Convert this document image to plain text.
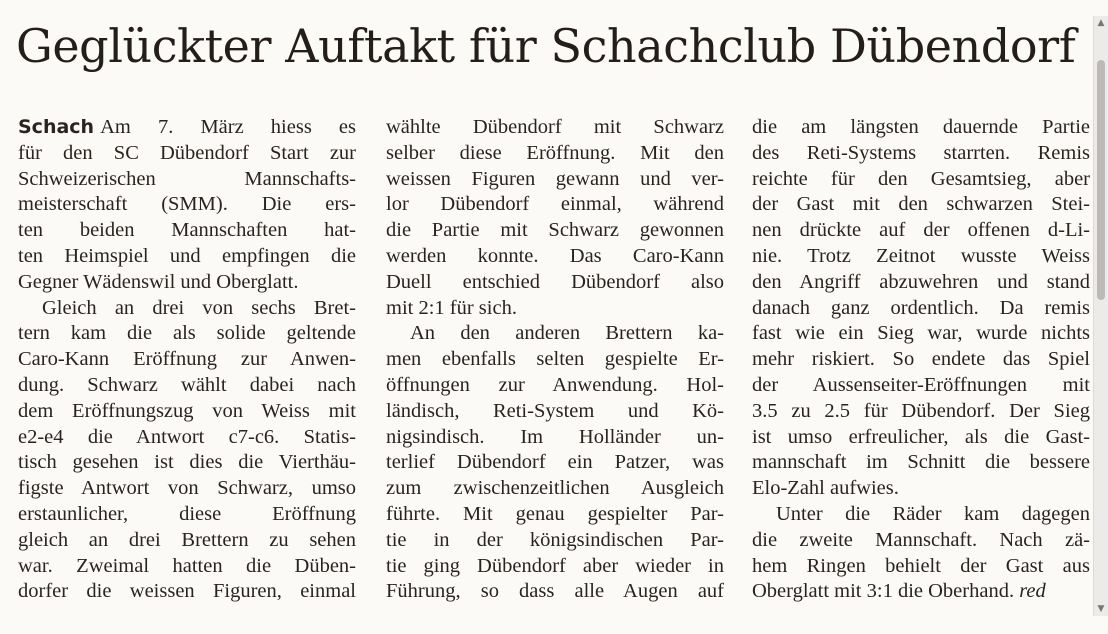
Geglückter Auftakt für Schachclub Dübendorf
Schach Am 7. März hiess es
für den SC Dübendorf Start zur
Schweizerischen Mannschafts-
meisterschaft (SMM). Die ers-
ten beiden Mannschaften hat-
ten Heimspiel und empfingen die
Gegner Wädenswil und Oberglatt.
Gleich an drei von sechs Bret-
tern kam die als solide geltende
Caro-Kann Eröffnung zur Anwen-
dung. Schwarz wählt dabei nach
dem Eröffnungszug von Weiss mit
e2-e4 die Antwort c7-c6. Statis-
tisch gesehen ist dies die Vierthäu-
figste Antwort von Schwarz, umso
erstaunlicher, diese Eröffnung
gleich an drei Brettern zu sehen
war. Zweimal hatten die Düben-
dorfer die weissen Figuren, einmal
wählte Dübendorf mit Schwarz
selber diese Eröffnung. Mit den
weissen Figuren gewann und ver-
lor Dübendorf einmal, während
die Partie mit Schwarz gewonnen
werden konnte. Das Caro-Kann
Duell entschied Dübendorf also
mit 2:1 für sich.
An den anderen Brettern ka-
men ebenfalls selten gespielte Er-
öffnungen zur Anwendung. Hol-
ländisch, Reti-System und Kö-
nigsindisch. Im Holländer un-
terlief Dübendorf ein Patzer, was
zum zwischenzeitlichen Ausgleich
führte. Mit genau gespielter Par-
tie in der königsindischen Par-
tie ging Dübendorf aber wieder in
Führung, so dass alle Augen auf
die am längsten dauernde Partie
des Reti-Systems starrten. Remis
reichte für den Gesamtsieg, aber
der Gast mit den schwarzen Stei-
nen drückte auf der offenen d-Li-
nie. Trotz Zeitnot wusste Weiss
den Angriff abzuwehren und stand
danach ganz ordentlich. Da remis
fast wie ein Sieg war, wurde nichts
mehr riskiert. So endete das Spiel
der Aussenseiter-Eröffnungen mit
3.5 zu 2.5 für Dübendorf. Der Sieg
ist umso erfreulicher, als die Gast-
mannschaft im Schnitt die bessere
Elo-Zahl aufwies.
Unter die Räder kam dagegen
die zweite Mannschaft. Nach zä-
hem Ringen behielt der Gast aus
Oberglatt mit 3:1 die Oberhand. red
▲
▼
